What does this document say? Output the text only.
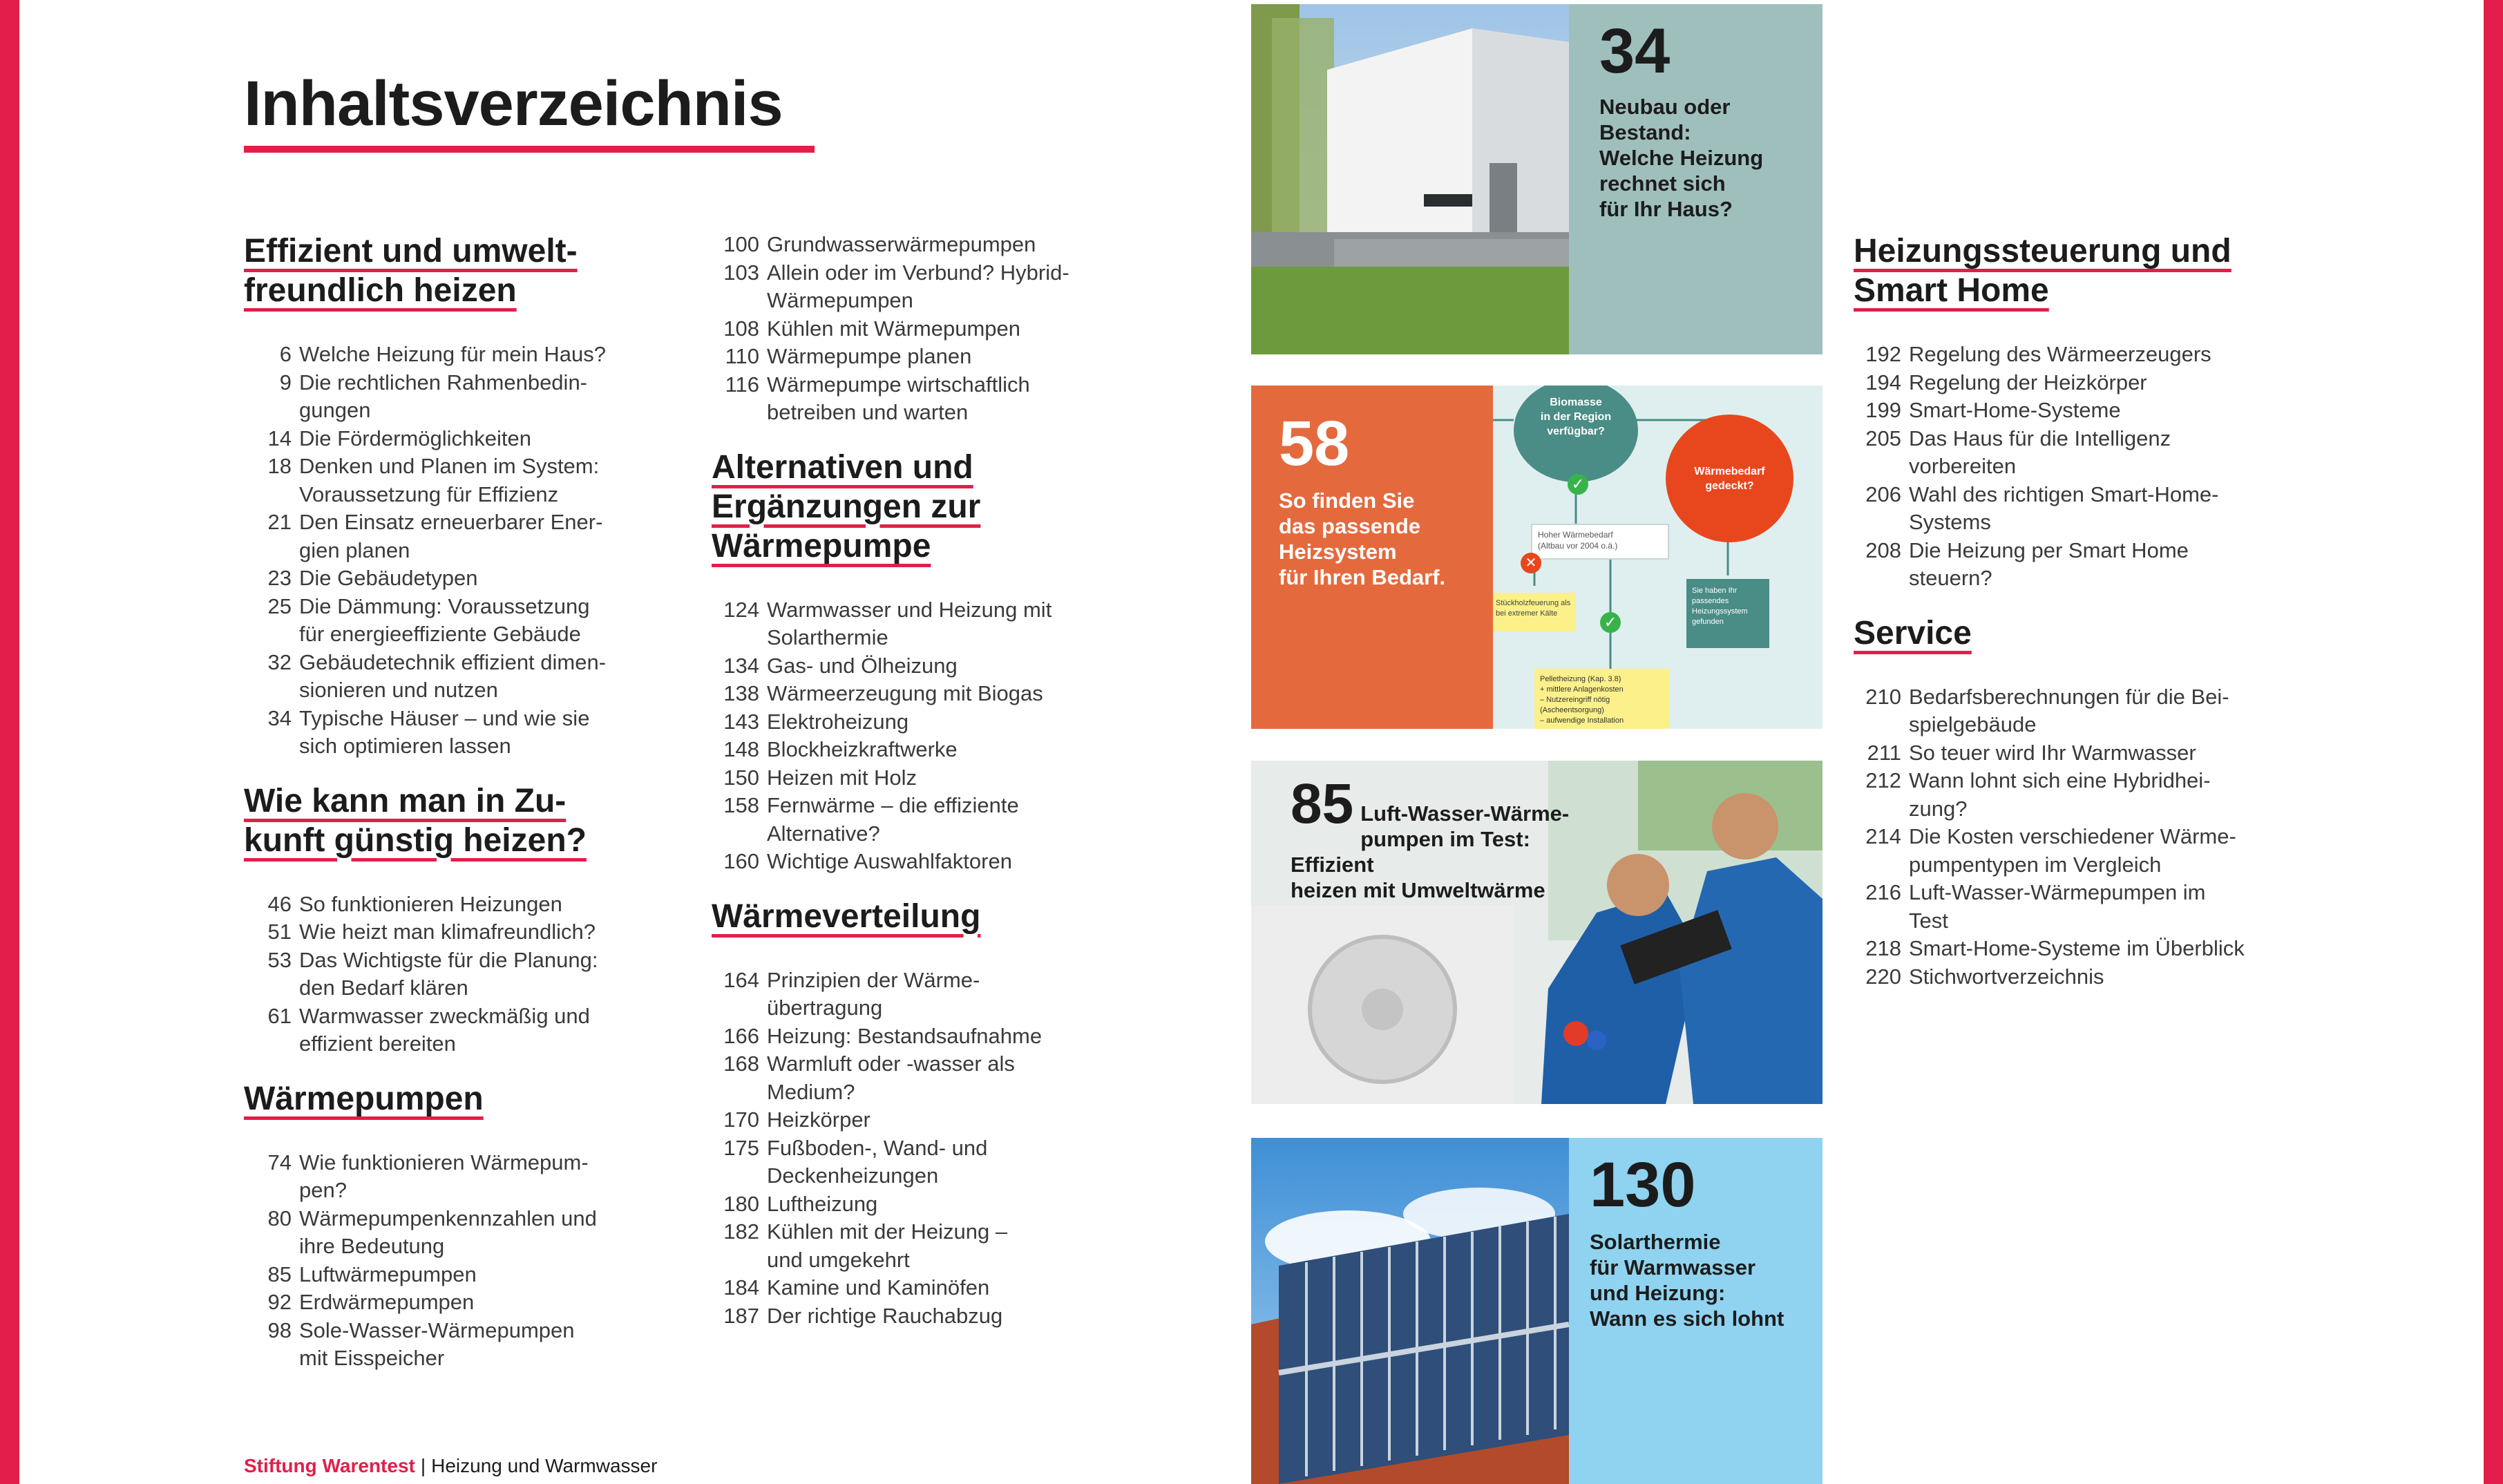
Inhaltsverzeichnis
Effizient und umwelt-
freundlich heizen
6 Welche Heizung für mein Haus?
9 Die rechtlichen Rahmenbedin-
gungen
14 Die Fördermöglichkeiten
18 Denken und Planen im System:
Voraussetzung für Effizienz
21 Den Einsatz erneuerbarer Ener-
gien planen
23 Die Gebäudetypen
25 Die Dämmung: Voraussetzung
für energieeffiziente Gebäude
32 Gebäudetechnik effizient dimen-
sionieren und nutzen
34 Typische Häuser – und wie sie
sich optimieren lassen
Wie kann man in Zu-
kunft günstig heizen?
46 So funktionieren Heizungen
51 Wie heizt man klimafreundlich?
53 Das Wichtigste für die Planung:
den Bedarf klären
61 Warmwasser zweckmäßig und
effizient bereiten
Wärmepumpen
74 Wie funktionieren Wärmepum-
pen?
80 Wärmepumpenkennzahlen und
ihre Bedeutung
85 Luftwärmepumpen
92 Erdwärmepumpen
98 Sole-Wasser-Wärmepumpen
mit Eisspeicher
100 Grundwasserwärmepumpen
103 Allein oder im Verbund? Hybrid-
Wärmepumpen
108 Kühlen mit Wärmepumpen
110 Wärmepumpe planen
116 Wärmepumpe wirtschaftlich
betreiben und warten
Alternativen und
Ergänzungen zur
Wärmepumpe
124 Warmwasser und Heizung mit
Solarthermie
134 Gas- und Ölheizung
138 Wärmeerzeugung mit Biogas
143 Elektroheizung
148 Blockheizkraftwerke
150 Heizen mit Holz
158 Fernwärme – die effiziente
Alternative?
160 Wichtige Auswahlfaktoren
Wärmeverteilung
164 Prinzipien der Wärme-
übertragung
166 Heizung: Bestandsaufnahme
168 Warmluft oder -wasser als
Medium?
170 Heizkörper
175 Fußboden-, Wand- und
Deckenheizungen
180 Luftheizung
182 Kühlen mit der Heizung –
und umgekehrt
184 Kamine und Kaminöfen
187 Der richtige Rauchabzug
Heizungssteuerung und
Smart Home
192 Regelung des Wärmeerzeugers
194 Regelung der Heizkörper
199 Smart-Home-Systeme
205 Das Haus für die Intelligenz
vorbereiten
206 Wahl des richtigen Smart-Home-
Systems
208 Die Heizung per Smart Home
steuern?
Service
210 Bedarfsberechnungen für die Bei-
spielgebäude
211 So teuer wird Ihr Warmwasser
212 Wann lohnt sich eine Hybridhei-
zung?
214 Die Kosten verschiedener Wärme-
pumpentypen im Vergleich
216 Luft-Wasser-Wärmepumpen im
Test
218 Smart-Home-Systeme im Überblick
220 Stichwortverzeichnis
34
Neubau oder
Bestand:
Welche Heizung
rechnet sich
für Ihr Haus?
58
So finden Sie
das passende
Heizsystem
für Ihren Bedarf.
Biomasse
in der Region
verfügbar?
Wärmebedarf
gedeckt?
✓
Hoher Wärmebedarf
(Altbau vor 2004 o.ä.)
✕
Stückholzfeuerung als
bei extremer Kälte	✓
Sie haben Ihr
passendes
Heizungssystem
gefunden
Pelletheizung (Kap. 3.8)
+ mittlere Anlagenkosten
– Nutzereingriff nötig
(Ascheentsorgung)
– aufwendige Installation
85 Luft-Wasser-Wärme-
pumpen im Test: Effizient
heizen mit Umweltwärme
130
Solarthermie
für Warmwasser
und Heizung:
Wann es sich lohnt
Stiftung Warentest | Heizung und Warmwasser
